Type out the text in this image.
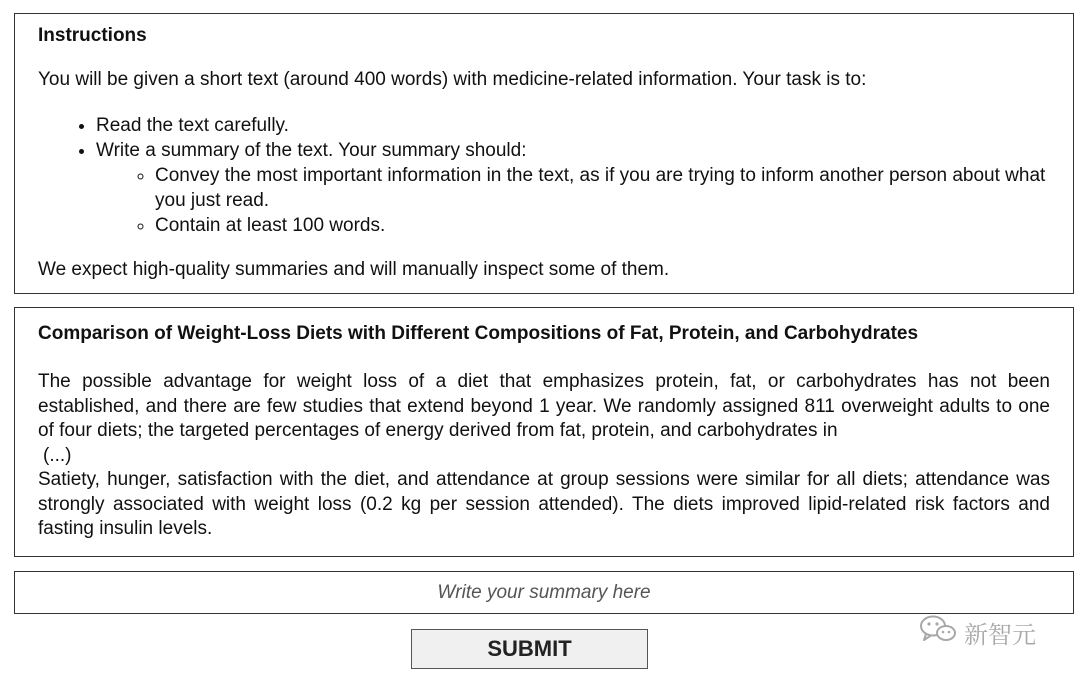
Instructions

You will be given a short text (around 400 words) with medicine-related information. Your task is to:

• Read the text carefully.
• Write a summary of the text. Your summary should:
◦ Convey the most important information in the text, as if you are trying to inform another person about what you just read.
◦ Contain at least 100 words.

We expect high-quality summaries and will manually inspect some of them.

Comparison of Weight-Loss Diets with Different Compositions of Fat, Protein, and Carbohydrates

The possible advantage for weight loss of a diet that emphasizes protein, fat, or carbohydrates has not been established, and there are few studies that extend beyond 1 year. We randomly assigned 811 overweight adults to one of four diets; the targeted percentages of energy derived from fat, protein, and carbohydrates in
(...)
Satiety, hunger, satisfaction with the diet, and attendance at group sessions were similar for all diets; attendance was strongly associated with weight loss (0.2 kg per session attended). The diets improved lipid-related risk factors and fasting insulin levels.
Write your summary here
SUBMIT	新智元
